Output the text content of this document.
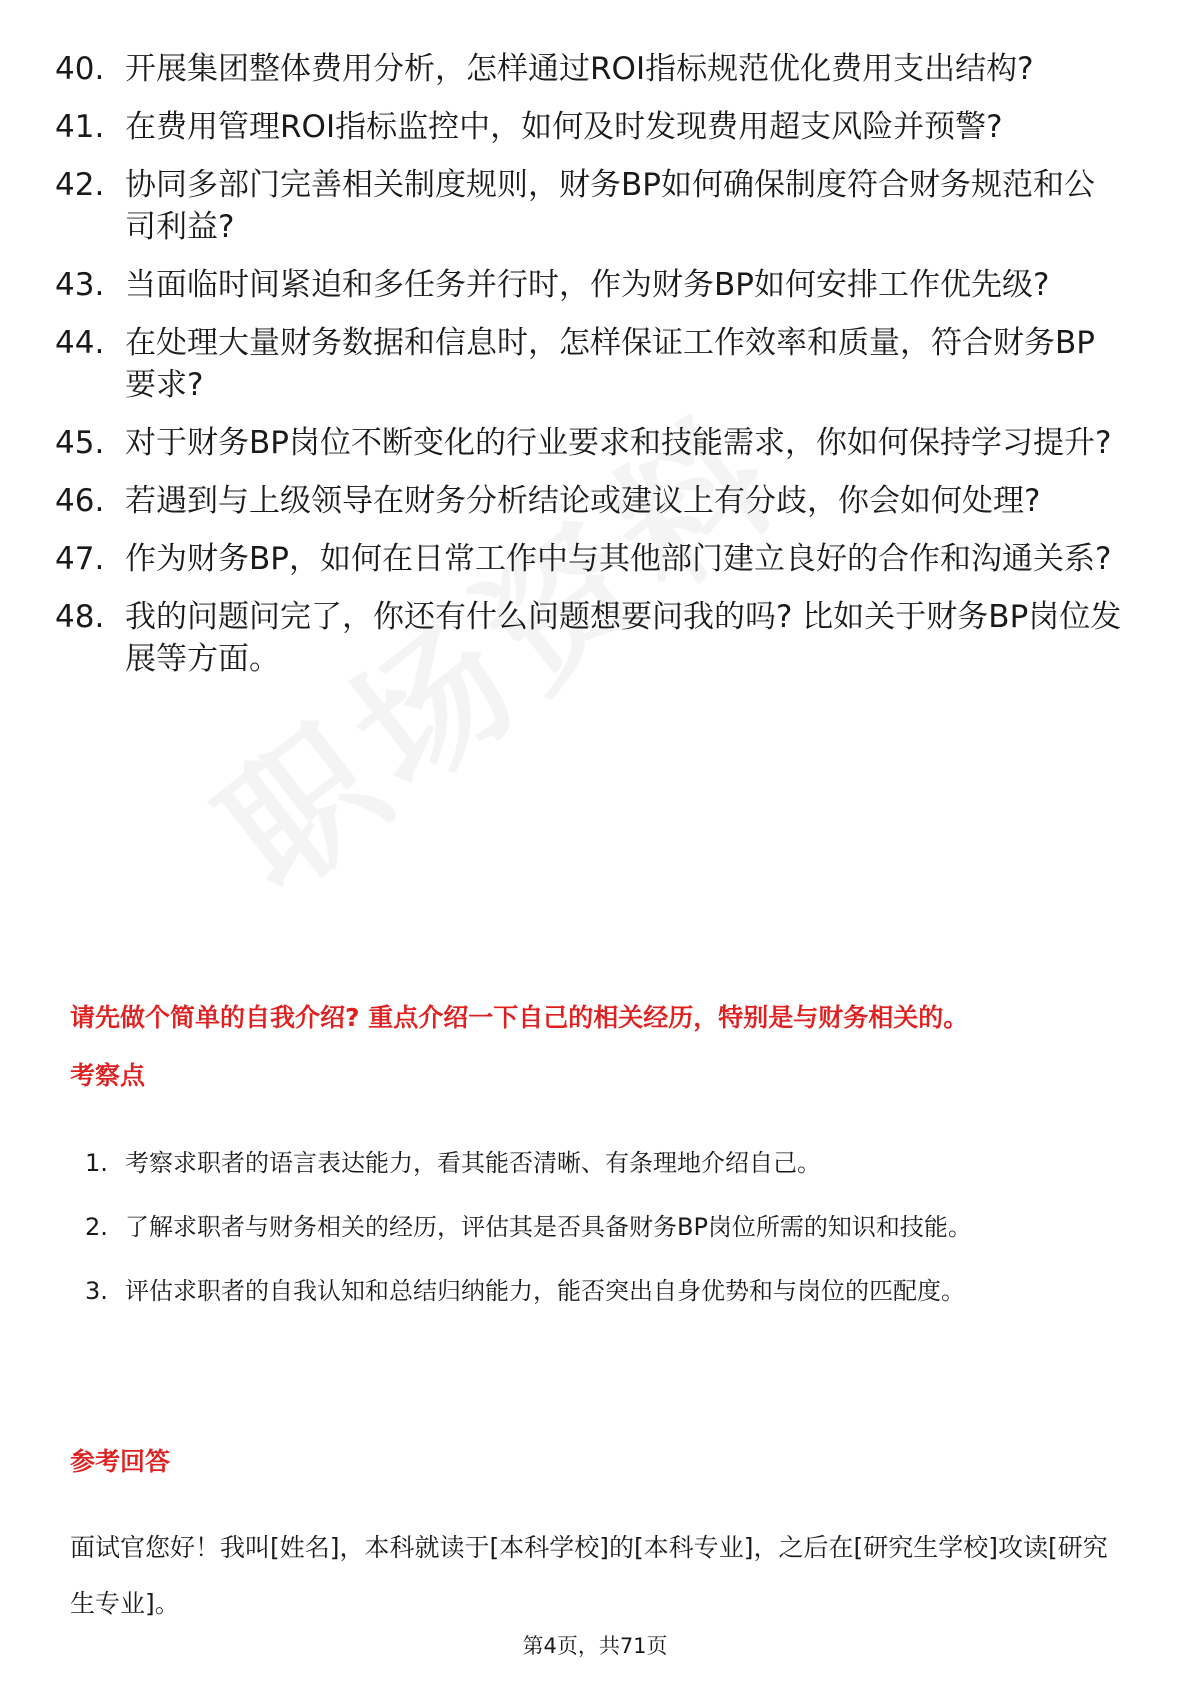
40. 开展集团整体费用分析，怎样通过ROI指标规范优化费用支出结构?
41. 在费用管理ROI指标监控中，如何及时发现费用超支风险并预警?
42. 协同多部门完善相关制度规则，财务BP如何确保制度符合财务规范和公司利益?
43. 当面临时间紧迫和多任务并行时，作为财务BP如何安排工作优先级?
44. 在处理大量财务数据和信息时，怎样保证工作效率和质量，符合财务BP要求?
45. 对于财务BP岗位不断变化的行业要求和技能需求，你如何保持学习提升?
46. 若遇到与上级领导在财务分析结论或建议上有分歧，你会如何处理?
47. 作为财务BP，如何在日常工作中与其他部门建立良好的合作和沟通关系?
48. 我的问题问完了，你还有什么问题想要问我的吗? 比如关于财务BP岗位发展等方面。
请先做个简单的自我介绍? 重点介绍一下自己的相关经历，特别是与财务相关的。
考察点
1. 考察求职者的语言表达能力，看其能否清晰、有条理地介绍自己。
2. 了解求职者与财务相关的经历，评估其是否具备财务BP岗位所需的知识和技能。
3. 评估求职者的自我认知和总结归纳能力，能否突出自身优势和与岗位的匹配度。
参考回答
面试官您好！我叫[姓名]，本科就读于[本科学校]的[本科专业]，之后在[研究生学校]攻读[研究生专业]。
第4页，共71页
